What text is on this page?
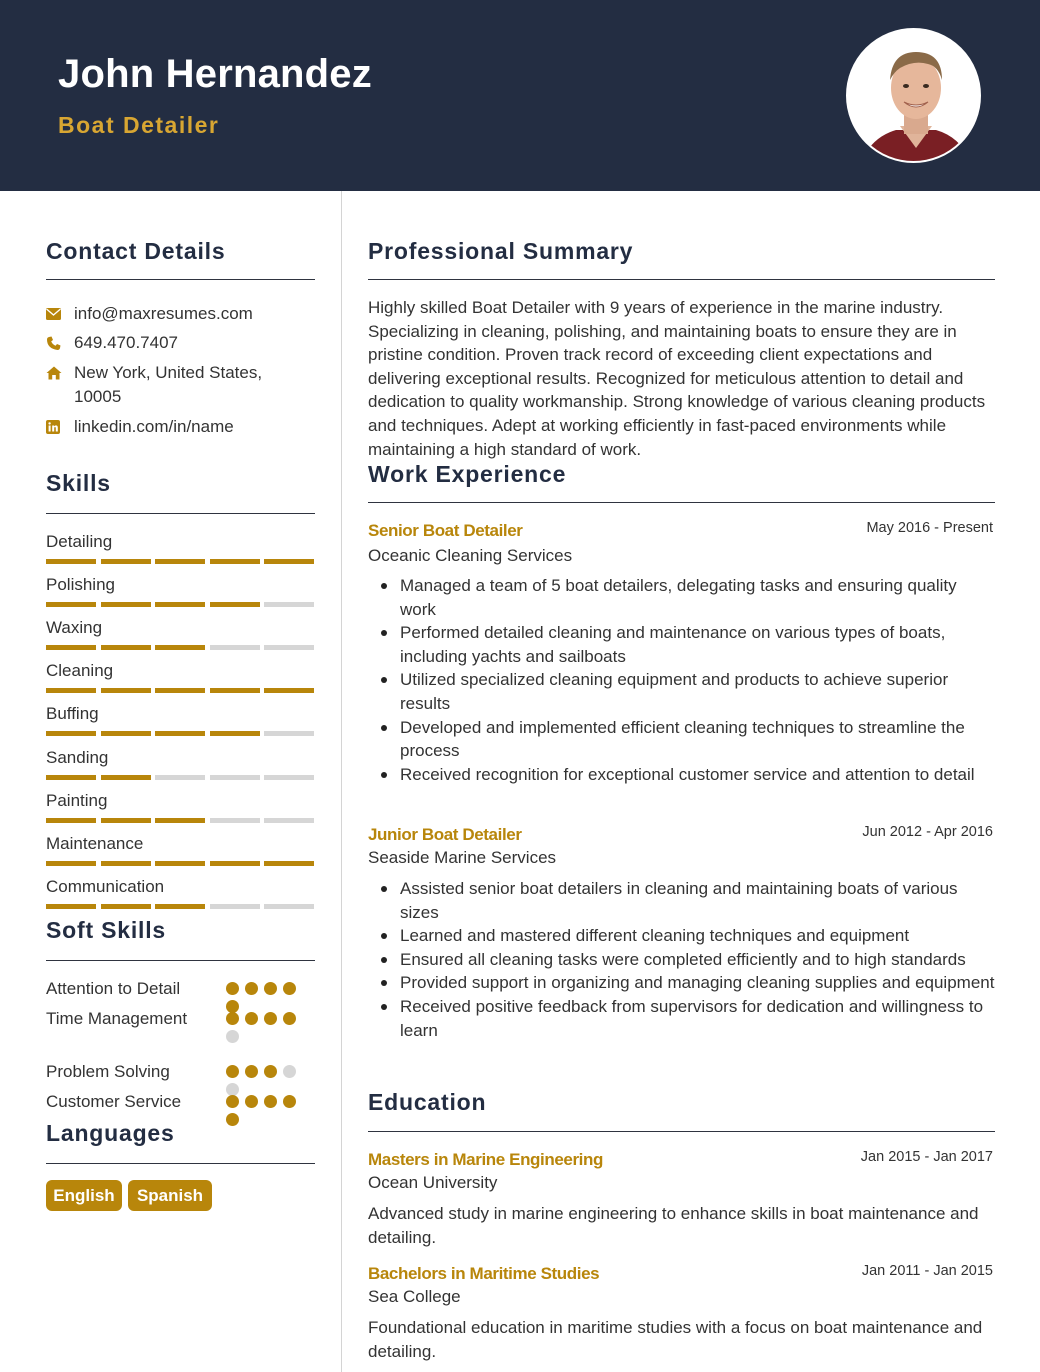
John Hernandez
Boat Detailer
Contact Details
info@maxresumes.com
649.470.7407
New York, United States, 10005
linkedin.com/in/name
Skills
Detailing
Polishing
Waxing
Cleaning
Buffing
Sanding
Painting
Maintenance
Communication
Soft Skills
Attention to Detail
Time Management
Problem Solving
Customer Service
Languages
English	Spanish
Professional Summary
Highly skilled Boat Detailer with 9 years of experience in the marine industry. Specializing in cleaning, polishing, and maintaining boats to ensure they are in pristine condition. Proven track record of exceeding client expectations and delivering exceptional results. Recognized for meticulous attention to detail and dedication to quality workmanship. Strong knowledge of various cleaning products and techniques. Adept at working efficiently in fast-paced environments while maintaining a high standard of work.
Work Experience
Senior Boat Detailer	May 2016 - Present
Oceanic Cleaning Services
Managed a team of 5 boat detailers, delegating tasks and ensuring quality work
Performed detailed cleaning and maintenance on various types of boats, including yachts and sailboats
Utilized specialized cleaning equipment and products to achieve superior results
Developed and implemented efficient cleaning techniques to streamline the process
Received recognition for exceptional customer service and attention to detail
Junior Boat Detailer	Jun 2012 - Apr 2016
Seaside Marine Services
Assisted senior boat detailers in cleaning and maintaining boats of various sizes
Learned and mastered different cleaning techniques and equipment
Ensured all cleaning tasks were completed efficiently and to high standards
Provided support in organizing and managing cleaning supplies and equipment
Received positive feedback from supervisors for dedication and willingness to learn
Education
Masters in Marine Engineering	Jan 2015 - Jan 2017
Ocean University
Advanced study in marine engineering to enhance skills in boat maintenance and detailing.
Bachelors in Maritime Studies	Jan 2011 - Jan 2015
Sea College
Foundational education in maritime studies with a focus on boat maintenance and detailing.
